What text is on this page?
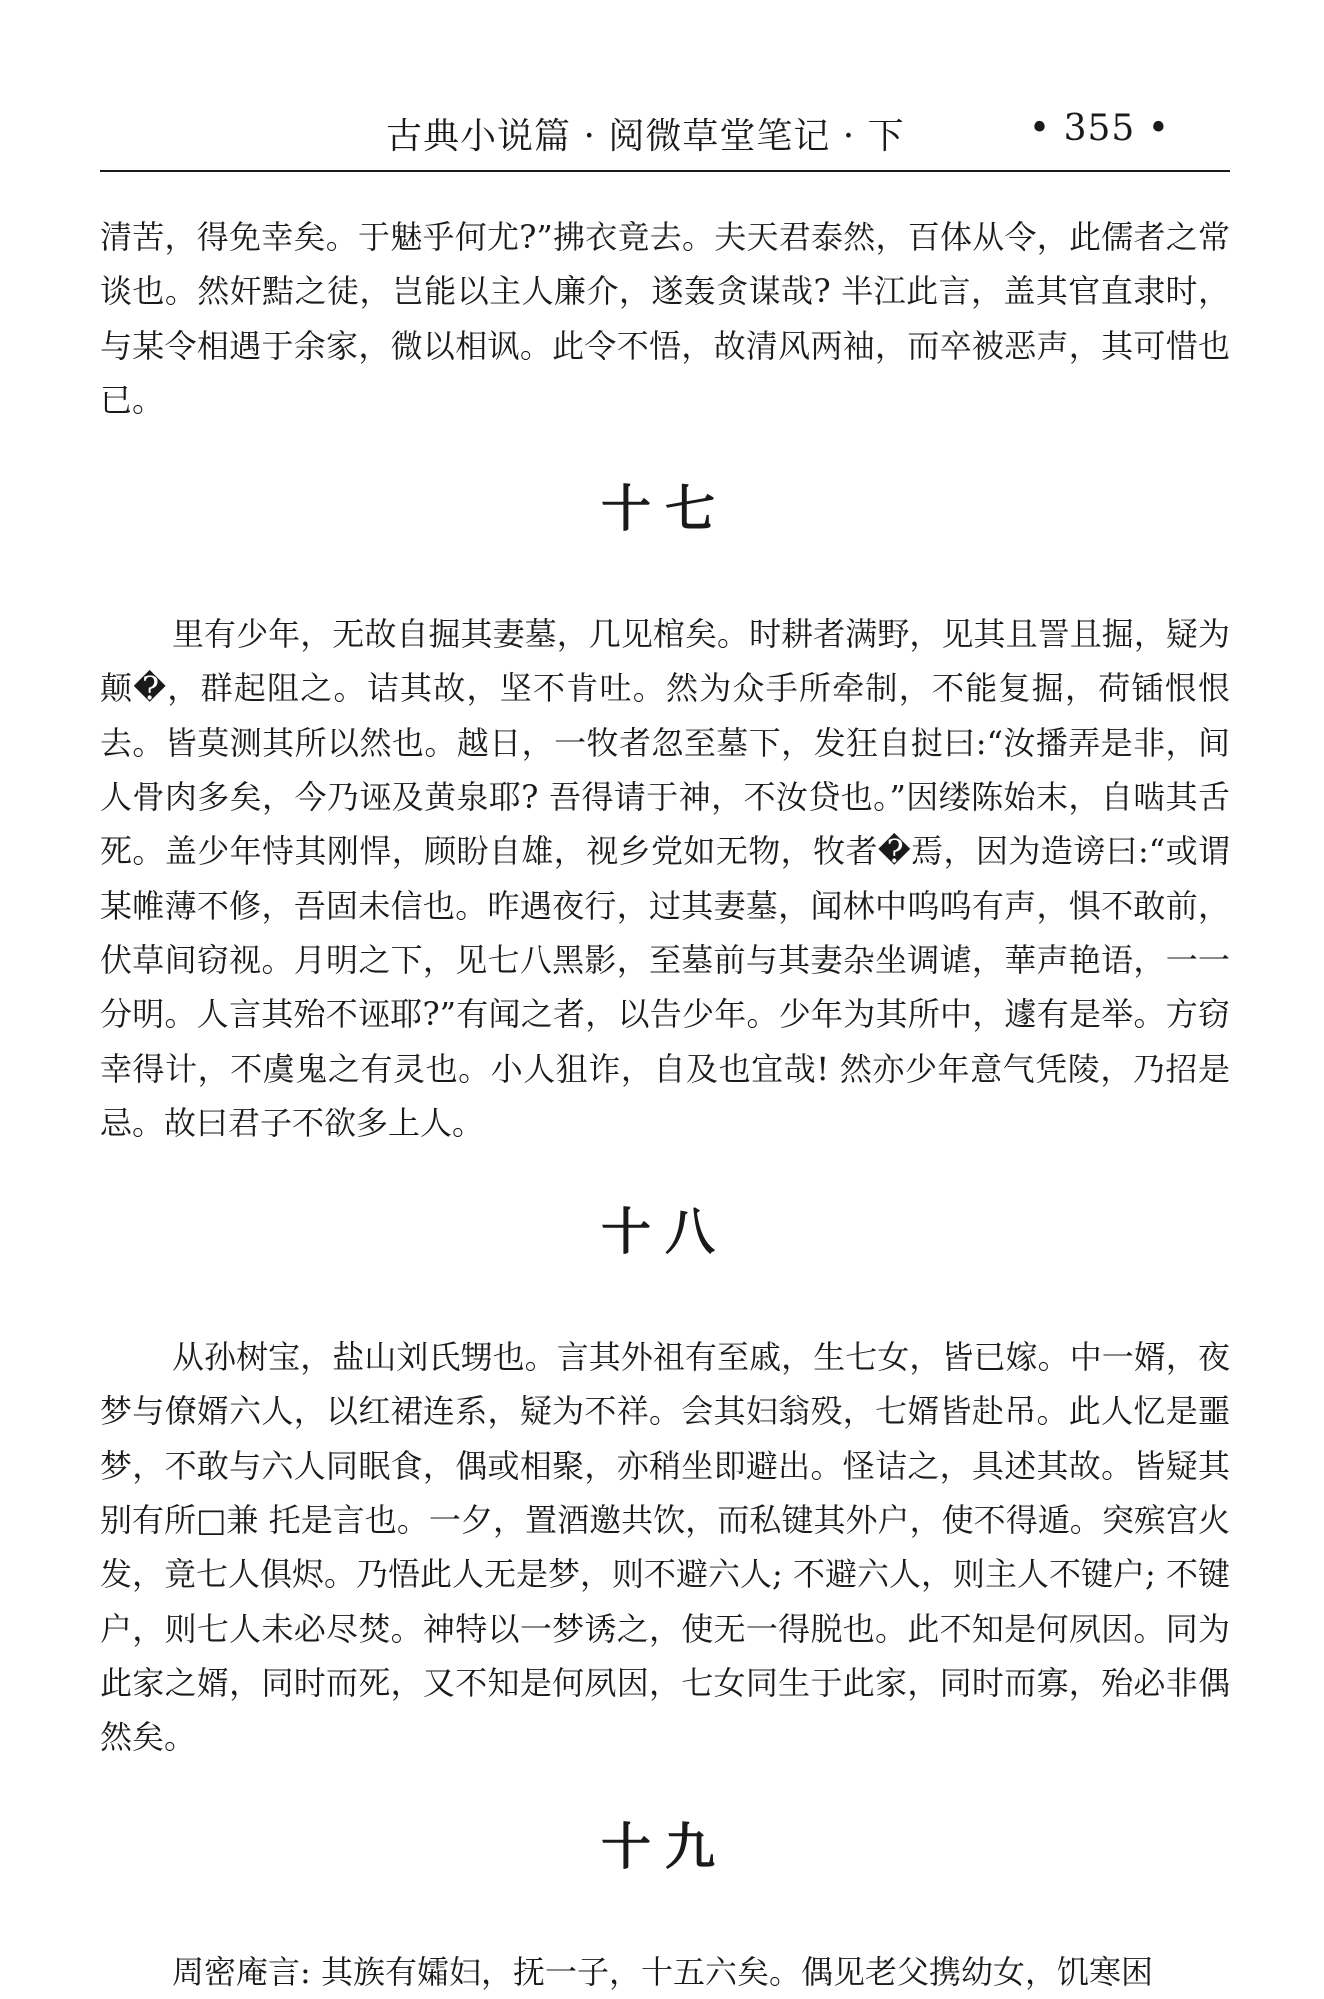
古典小说篇 · 阅微草堂笔记 · 下	• 355 •

清苦，得免幸矣。于魅乎何尤?”拂衣竟去。夫天君泰然，百体从令，此儒者之常谈也。然奸黠之徒，岂能以主人廉介，遂轰贪谋哉? 半江此言，盖其官直隶时，与某令相遇于余家，微以相讽。此令不悟，故清风两袖，而卒被恶声，其可惜也已。

十七

里有少年，无故自掘其妻墓，几见棺矣。时耕者满野，见其且詈且掘，疑为颠�，群起阻之。诘其故，坚不肯吐。然为众手所牵制，不能复掘，荷锸恨恨去。皆莫测其所以然也。越日，一牧者忽至墓下，发狂自挝曰:“汝播弄是非，间人骨肉多矣，今乃诬及黄泉耶? 吾得请于神，不汝贷也。”因缕陈始末，自啮其舌死。盖少年恃其刚悍，顾盼自雄，视乡党如无物，牧者�焉，因为造谤曰:“或谓某帷薄不修，吾固未信也。昨遇夜行，过其妻墓，闻林中呜呜有声，惧不敢前，伏草间窃视。月明之下，见七八黑影，至墓前与其妻杂坐调谑，華声艳语，一一分明。人言其殆不诬耶?”有闻之者，以告少年。少年为其所中，遽有是举。方窃幸得计，不虞鬼之有灵也。小人狙诈，自及也宜哉! 然亦少年意气凭陵，乃招是忌。故曰君子不欲多上人。

十八

从孙树宝，盐山刘氏甥也。言其外祖有至戚，生七女，皆已嫁。中一婿，夜梦与僚婿六人，以红裙连系，疑为不祥。会其妇翁殁，七婿皆赴吊。此人忆是噩梦，不敢与六人同眠食，偶或相聚，亦稍坐即避出。怪诘之，具述其故。皆疑其别有所□兼 托是言也。一夕，置酒邀共饮，而私键其外户，使不得遁。突殡宫火发，竟七人俱烬。乃悟此人无是梦，则不避六人; 不避六人，则主人不键户; 不键户，则七人未必尽焚。神特以一梦诱之，使无一得脱也。此不知是何夙因。同为此家之婿，同时而死，又不知是何夙因，七女同生于此家，同时而寡，殆必非偶然矣。

十九

周密庵言: 其族有孀妇，抚一子，十五六矣。偶见老父携幼女，饥寒困
